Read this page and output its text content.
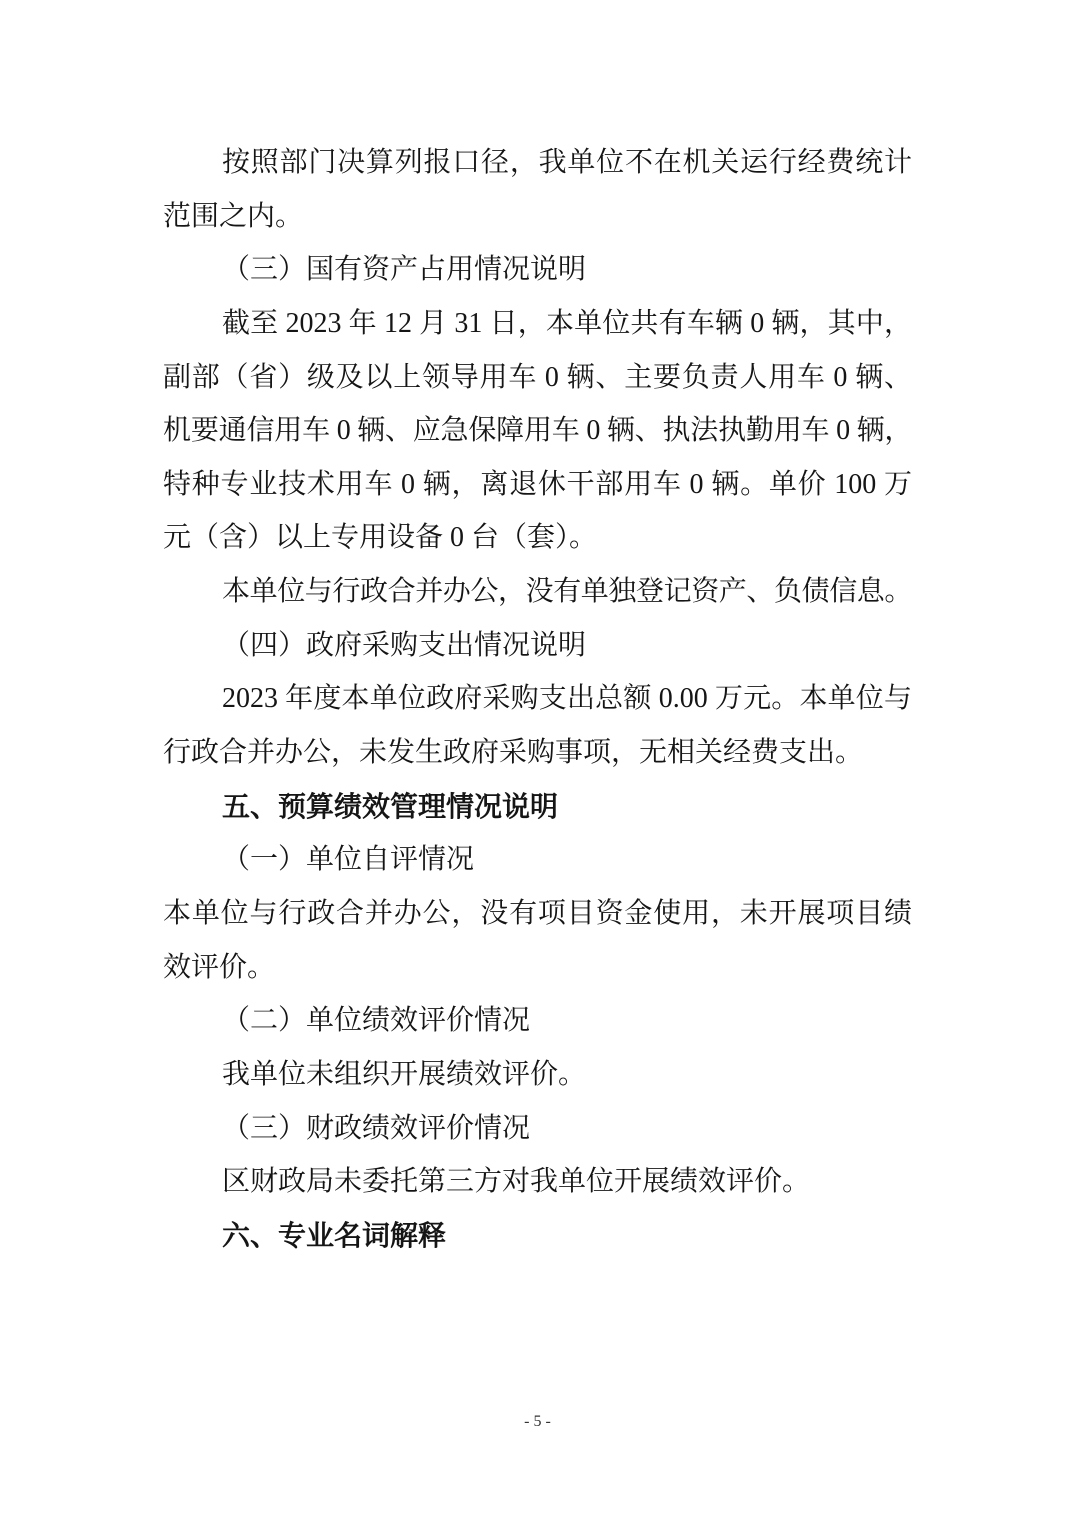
按照部门决算列报口径，我单位不在机关运行经费统计
范围之内。
（三）国有资产占用情况说明
截至 2023 年 12 月 31 日，本单位共有车辆 0 辆，其中，
副部（省）级及以上领导用车 0 辆、主要负责人用车 0 辆、
机要通信用车 0 辆、应急保障用车 0 辆、执法执勤用车 0 辆，
特种专业技术用车 0 辆，离退休干部用车 0 辆。单价 100 万
元（含）以上专用设备 0 台（套）。
本单位与行政合并办公，没有单独登记资产、负债信息。
（四）政府采购支出情况说明
2023 年度本单位政府采购支出总额 0.00 万元。本单位与
行政合并办公，未发生政府采购事项，无相关经费支出。
五、预算绩效管理情况说明
（一）单位自评情况
本单位与行政合并办公，没有项目资金使用，未开展项目绩
效评价。
（二）单位绩效评价情况
我单位未组织开展绩效评价。
（三）财政绩效评价情况
区财政局未委托第三方对我单位开展绩效评价。
六、专业名词解释
- 5 -
